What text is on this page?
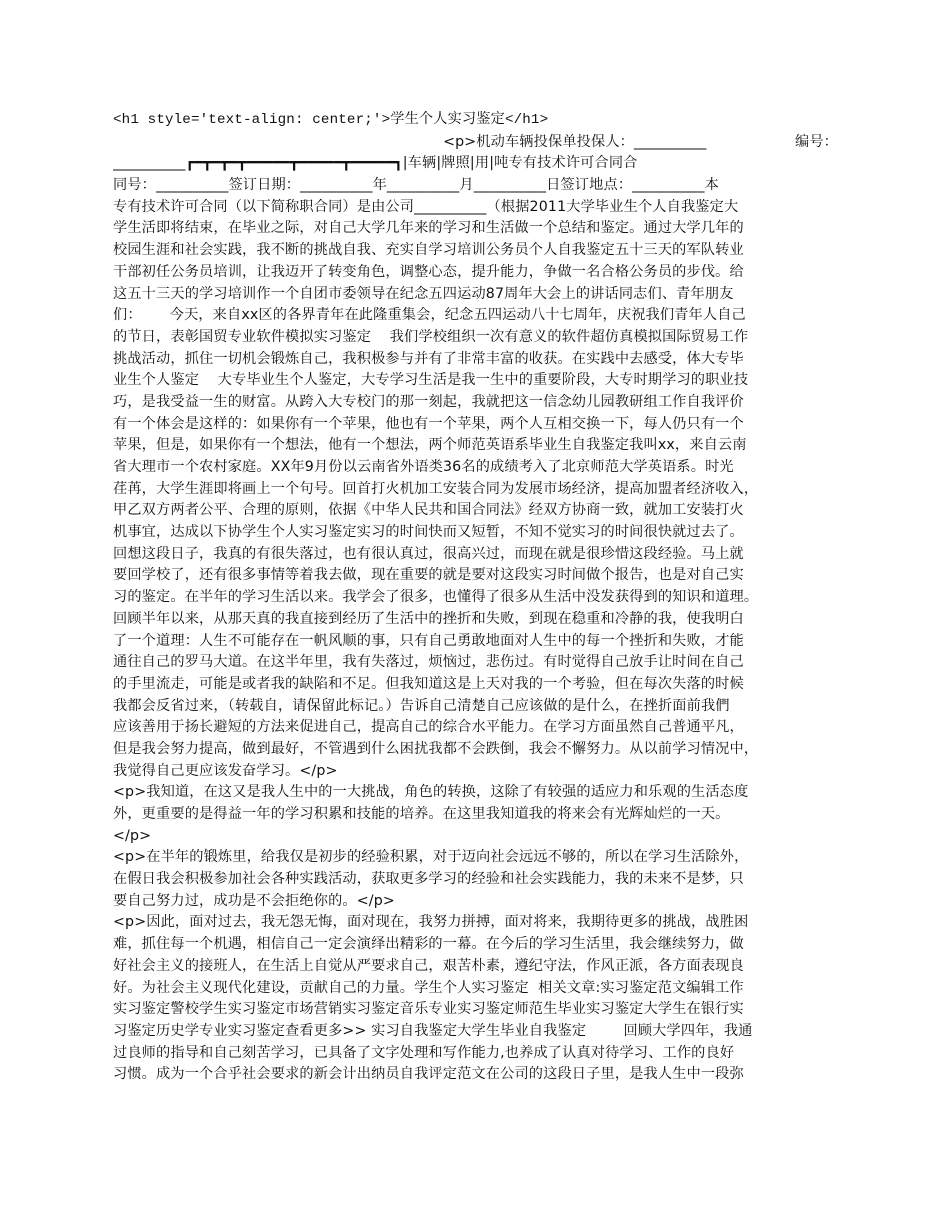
<h1 style='text-align: center;'>学生个人实习鉴定</h1>
<p>机动车辆投保单投保人：__________                   编号：
__________┏━┳━┳━┳━━━━━┳━━━━━┳━━━━━┓|车辆|牌照|用|吨专有技术许可合同合
同号：__________签订日期：__________年__________月__________日签订地点：__________本
专有技术许可合同（以下简称职合同）是由公司__________（根据2011大学毕业生个人自我鉴定大
学生活即将结束，在毕业之际，对自己大学几年来的学习和生活做一个总结和鉴定。通过大学几年的
校园生涯和社会实践，我不断的挑战自我、充实自学习培训公务员个人自我鉴定五十三天的军队转业
干部初任公务员培训，让我迈开了转变角色，调整心态，提升能力，争做一名合格公务员的步伐。给
这五十三天的学习培训作一个自团市委领导在纪念五四运动87周年大会上的讲话同志们、青年朋友
们：      今天，来自xx区的各界青年在此隆重集会，纪念五四运动八十七周年，庆祝我们青年人自己
的节日，表彰国贸专业软件模拟实习鉴定    我们学校组织一次有意义的软件超仿真模拟国际贸易工作
挑战活动，抓住一切机会锻炼自己，我积极参与并有了非常丰富的收获。在实践中去感受，体大专毕
业生个人鉴定    大专毕业生个人鉴定，大专学习生活是我一生中的重要阶段，大专时期学习的职业技
巧，是我受益一生的财富。从跨入大专校门的那一刻起，我就把这一信念幼儿园教研组工作自我评价
有一个体会是这样的：如果你有一个苹果，他也有一个苹果，两个人互相交换一下，每人仍只有一个
苹果，但是，如果你有一个想法，他有一个想法，两个师范英语系毕业生自我鉴定我叫xx，来自云南
省大理市一个农村家庭。XX年9月份以云南省外语类36名的成绩考入了北京师范大学英语系。时光
荏苒，大学生涯即将画上一个句号。回首打火机加工安装合同为发展市场经济，提高加盟者经济收入，
甲乙双方两者公平、合理的原则，依据《中华人民共和国合同法》经双方协商一致，就加工安装打火
机事宜，达成以下协学生个人实习鉴定实习的时间快而又短暂，不知不觉实习的时间很快就过去了。
回想这段日子，我真的有很失落过，也有很认真过，很高兴过，而现在就是很珍惜这段经验。马上就
要回学校了，还有很多事情等着我去做，现在重要的就是要对这段实习时间做个报告，也是对自己实
习的鉴定。在半年的学习生活以来。我学会了很多，也懂得了很多从生活中没发获得到的知识和道理。
回顾半年以来，从那天真的我直接到经历了生活中的挫折和失败，到现在稳重和冷静的我，使我明白
了一个道理：人生不可能存在一帆风顺的事，只有自己勇敢地面对人生中的每一个挫折和失败，才能
通往自己的罗马大道。在这半年里，我有失落过，烦恼过，悲伤过。有时觉得自己放手让时间在自己
的手里流走，可能是或者我的缺陷和不足。但我知道这是上天对我的一个考验，但在每次失落的时候
我都会反省过来，（转载自，请保留此标记。）告诉自己清楚自己应该做的是什么，在挫折面前我們
应该善用于扬长避短的方法来促进自己，提高自己的综合水平能力。在学习方面虽然自己普通平凡，
但是我会努力提高，做到最好，不管遇到什么困扰我都不会跌倒，我会不懈努力。从以前学习情况中，
我觉得自己更应该发奋学习。</p>
<p>我知道，在这又是我人生中的一大挑战，角色的转换，这除了有较强的适应力和乐观的生活态度
外，更重要的是得益一年的学习积累和技能的培养。在这里我知道我的将来会有光辉灿烂的一天。
</p>
<p>在半年的锻炼里，给我仅是初步的经验积累，对于迈向社会远远不够的，所以在学习生活除外，
在假日我会积极参加社会各种实践活动，获取更多学习的经验和社会实践能力，我的未来不是梦，只
要自己努力过，成功是不会拒绝你的。</p>
<p>因此，面对过去，我无怨无悔，面对现在，我努力拼搏，面对将来，我期待更多的挑战，战胜困
难，抓住每一个机遇，相信自己一定会演绎出精彩的一幕。在今后的学习生活里，我会继续努力，做
好社会主义的接班人，在生活上自觉从严要求自己，艰苦朴素，遵纪守法，作风正派，各方面表现良
好。为社会主义现代化建设，贡献自己的力量。学生个人实习鉴定  相关文章:实习鉴定范文编辑工作
实习鉴定警校学生实习鉴定市场营销实习鉴定音乐专业实习鉴定师范生毕业实习鉴定大学生在银行实
习鉴定历史学专业实习鉴定查看更多>> 实习自我鉴定大学生毕业自我鉴定        回顾大学四年，我通
过良师的指导和自己刻苦学习，已具备了文字处理和写作能力,也养成了认真对待学习、工作的良好
习惯。成为一个合乎社会要求的新会计出纳员自我评定范文在公司的这段日子里，是我人生中一段弥
